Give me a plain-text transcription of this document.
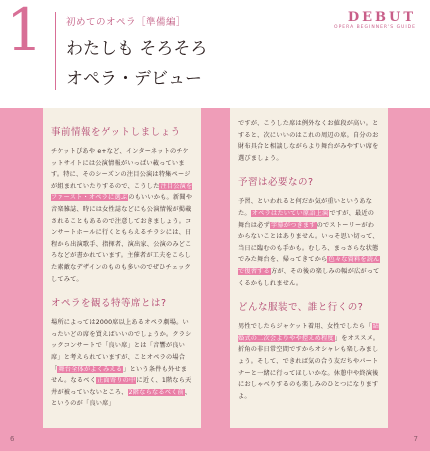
1 初めてのオペラ［準備編］
わたしも そろそろ
オペラ・デビュー
DEBUT
OPERA BEGINNER'S GUIDE
事前情報をゲットしましょう

チケットぴあや e+など、インターネットのチケットサイトには公演情報がいっぱい載っています。特に、そのシーズンの注目公演は特集ページが組まれていたりするので、こうした注目公演をファースト・オペラに選ぶのもいいかも。新聞や音楽雑誌、時には女性誌などにも公演情報が掲載されることもあるので注意しておきましょう。コンサートホールに行くともらえるチラシには、日程から出演歌手、指揮者、演出家、公演のみどころなどが書かれています。主催者が工夫をこらした素敵なデザインのものも多いのでぜひチェックしてみて。

オペラを観る特等席とは?

場所によっては2000席以上あるオペラ劇場。いったいどの席を買えばいいのでしょうか。クラシックコンサートで「良い席」とは「音響が良い席」と考えられていますが、ことオペラの場合「舞台全体がよくみえる」という条件も外せません。なるべく正面寄りの中に近く、1階なら天井が被っていないところ、2階ならなるべく前、というのが「良い席」

ですが、こうした席は例外なくお値段が高い。とすると、次にいいのはこれの周辺の席。自分のお財布具合と相談しながらより舞台がみやすい席を選びましょう。

予習は必要なの?

予習、といわれると何だか気が重いというあなた。オペラはたいてい原語上演ですが、最近の舞台は必ず字幕がつきますのでストーリーがわからないことはありません。いっそ思い切って、当日に臨むのも手かも。むしろ、まっさらな状態でみた舞台を、帰ってきてから色々な資料を読んで復習する方が、その後の楽しみの幅が広がってくるかもしれません。

どんな服装で、誰と行くの?

男性でしたらジャケット着用、女性でしたら「結婚式の二次会よりやや控えめ程度」をオススメ。折角の非日常空間ですからオシャレも楽しみましょう。そして、できれば気の合う友だちやパートナーと一緒に行ってほしいかな。休憩中や終演後におしゃべりするのも楽しみのひとつになりますよ。

6	7
